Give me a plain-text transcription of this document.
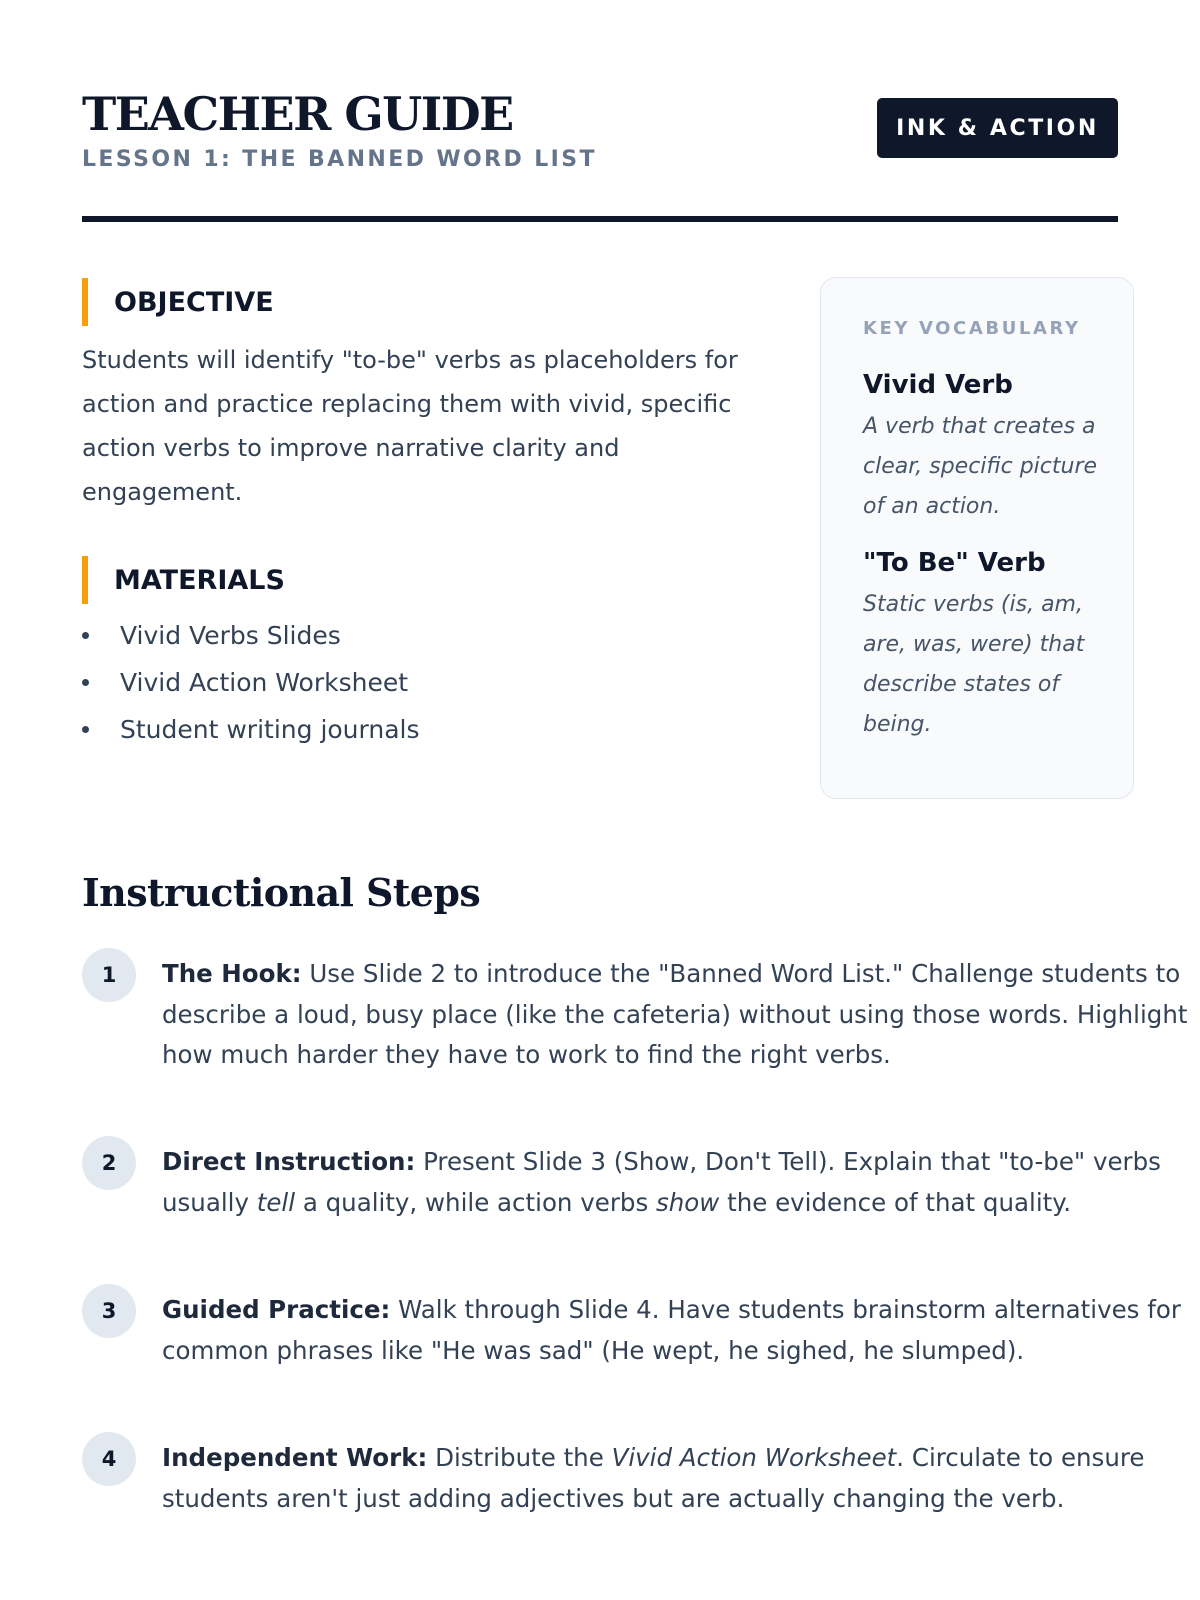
TEACHER GUIDE
LESSON 1: THE BANNED WORD LIST
INK & ACTION
OBJECTIVE

Students will identify "to-be" verbs as placeholders for action and practice replacing them with vivid, specific action verbs to improve narrative clarity and engagement.

MATERIALS
Vivid Verbs Slides
Vivid Action Worksheet
Student writing journals
KEY VOCABULARY
Vivid Verb
A verb that creates a clear, specific picture of an action.
"To Be" Verb
Static verbs (is, am, are, was, were) that describe states of being.
Instructional Steps
1	The Hook: Use Slide 2 to introduce the "Banned Word List." Challenge students to describe a loud, busy place (like the cafeteria) without using those words. Highlight how much harder they have to work to find the right verbs.

2	Direct Instruction: Present Slide 3 (Show, Don't Tell). Explain that "to-be" verbs usually tell a quality, while action verbs show the evidence of that quality.

3	Guided Practice: Walk through Slide 4. Have students brainstorm alternatives for common phrases like "He was sad" (He wept, he sighed, he slumped).

4	Independent Work: Distribute the Vivid Action Worksheet. Circulate to ensure students aren't just adding adjectives but are actually changing the verb.
